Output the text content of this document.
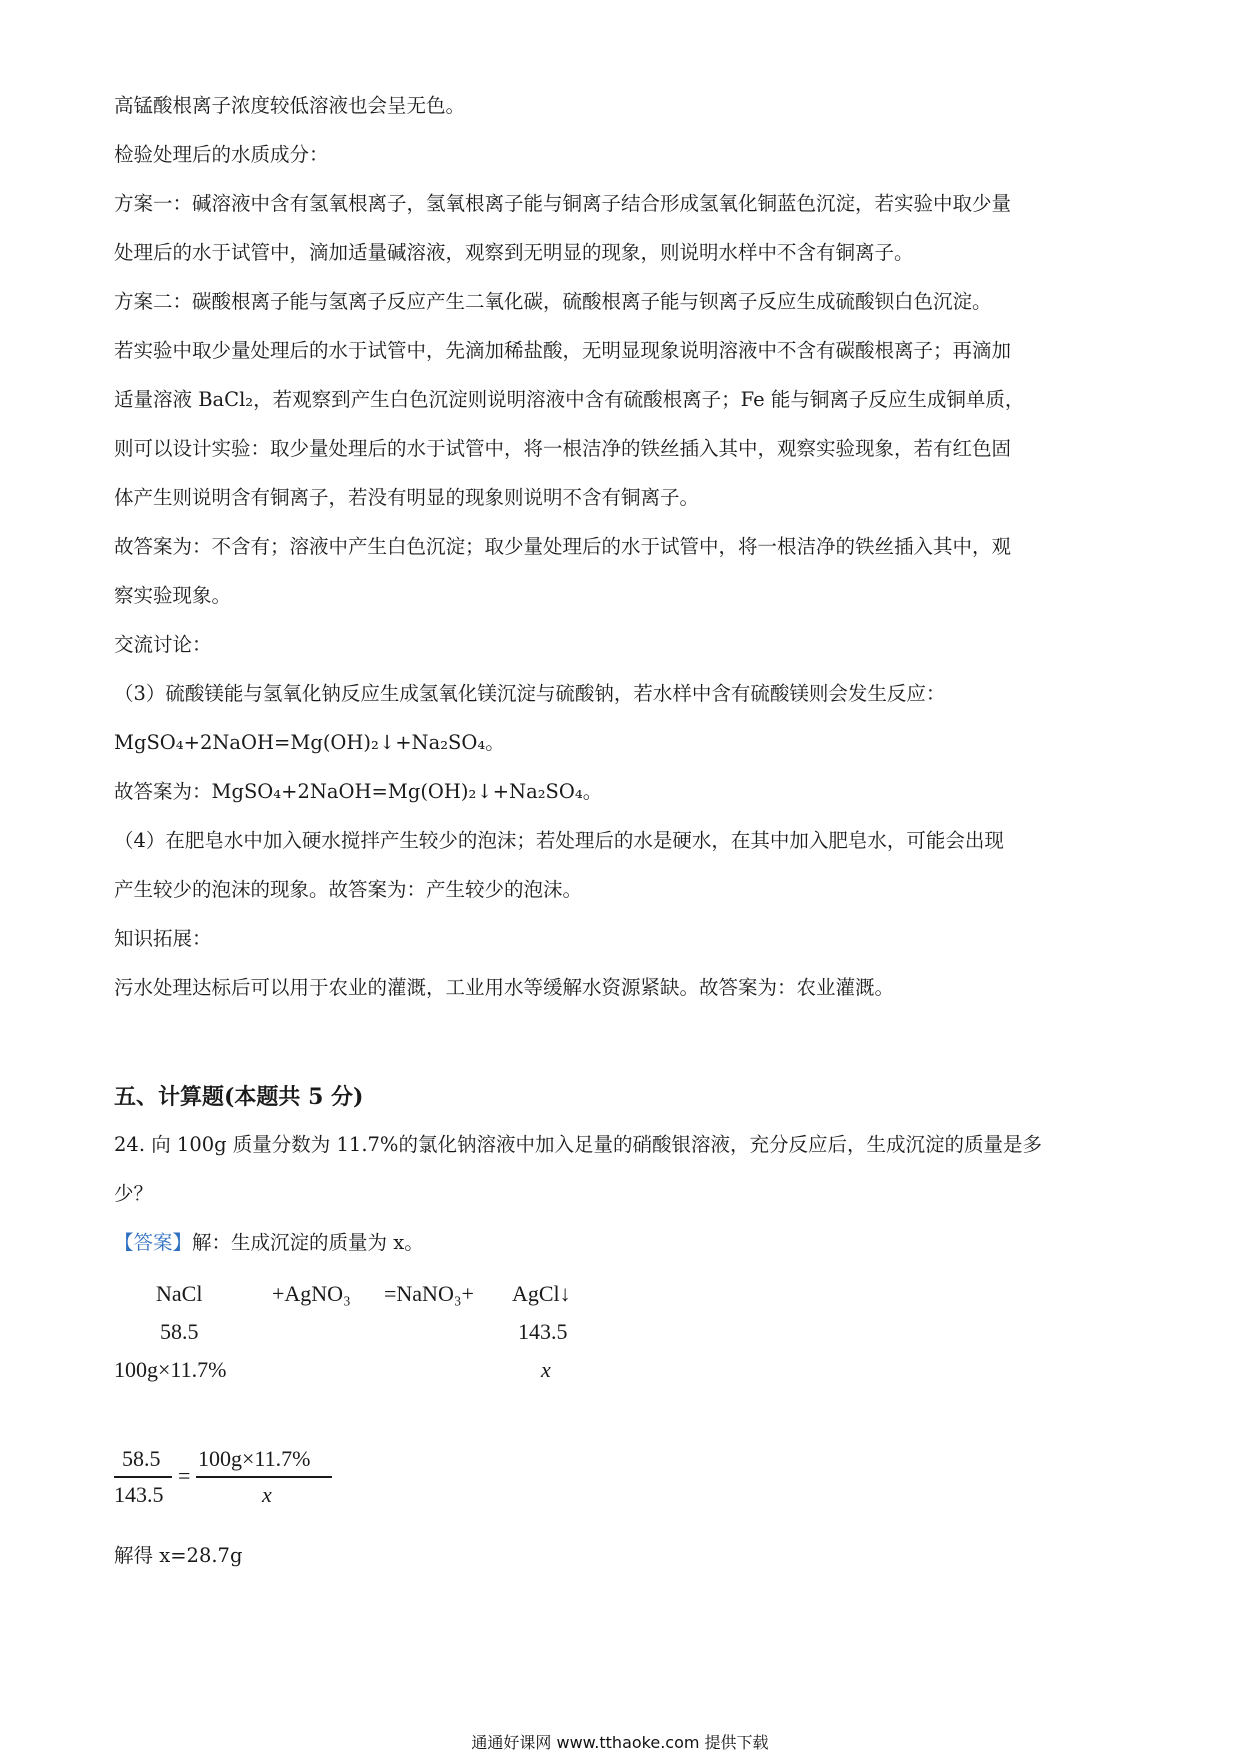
高锰酸根离子浓度较低溶液也会呈无色。
检验处理后的水质成分：
方案一：碱溶液中含有氢氧根离子，氢氧根离子能与铜离子结合形成氢氧化铜蓝色沉淀，若实验中取少量
处理后的水于试管中，滴加适量碱溶液，观察到无明显的现象，则说明水样中不含有铜离子。
方案二：碳酸根离子能与氢离子反应产生二氧化碳，硫酸根离子能与钡离子反应生成硫酸钡白色沉淀。
若实验中取少量处理后的水于试管中，先滴加稀盐酸，无明显现象说明溶液中不含有碳酸根离子；再滴加
适量溶液 BaCl₂，若观察到产生白色沉淀则说明溶液中含有硫酸根离子；Fe 能与铜离子反应生成铜单质，
则可以设计实验：取少量处理后的水于试管中，将一根洁净的铁丝插入其中，观察实验现象，若有红色固
体产生则说明含有铜离子，若没有明显的现象则说明不含有铜离子。
故答案为：不含有；溶液中产生白色沉淀；取少量处理后的水于试管中，将一根洁净的铁丝插入其中，观
察实验现象。
交流讨论：
（3）硫酸镁能与氢氧化钠反应生成氢氧化镁沉淀与硫酸钠，若水样中含有硫酸镁则会发生反应：
MgSO₄+2NaOH=Mg(OH)₂↓+Na₂SO₄。
故答案为：MgSO₄+2NaOH=Mg(OH)₂↓+Na₂SO₄。
（4）在肥皂水中加入硬水搅拌产生较少的泡沫；若处理后的水是硬水，在其中加入肥皂水，可能会出现
产生较少的泡沫的现象。故答案为：产生较少的泡沫。
知识拓展：
污水处理达标后可以用于农业的灌溉，工业用水等缓解水资源紧缺。故答案为：农业灌溉。
五、计算题(本题共 5 分)
24. 向 100g 质量分数为 11.7%的氯化钠溶液中加入足量的硝酸银溶液，充分反应后，生成沉淀的质量是多
少？
【答案】解：生成沉淀的质量为 x。
NaCl	+AgNO₃ =NaNO₃+ AgCl↓
58.5	143.5
100g×11.7%	x
58.5
143.5
=
100g×11.7%
x
解得 x=28.7g
通通好课网 www.tthaoke.com 提供下载
